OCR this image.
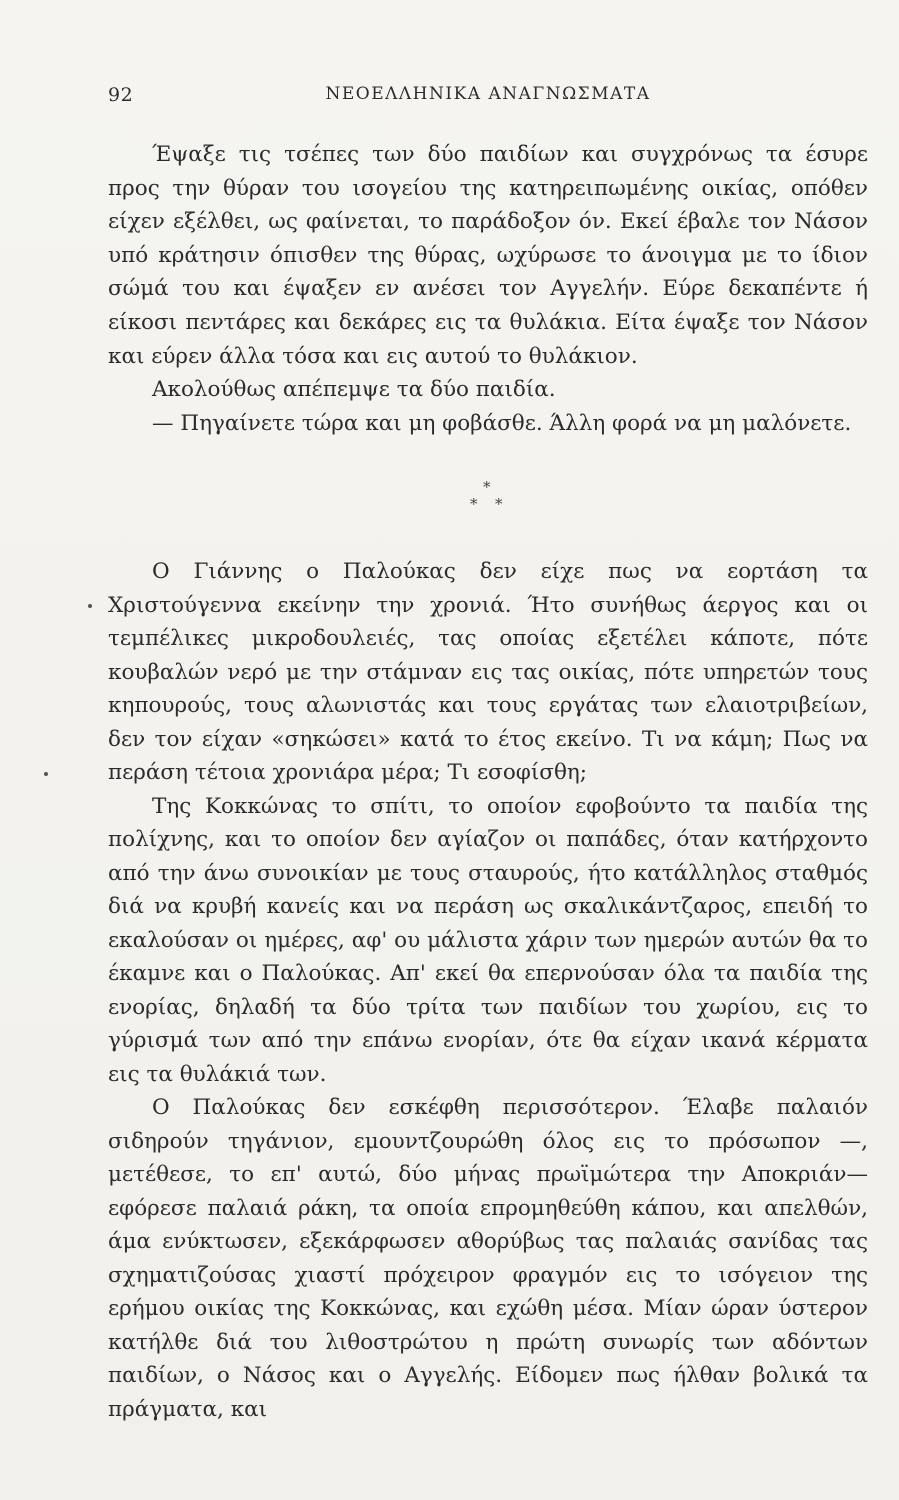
92	ΝΕΟΕΛΛΗΝΙΚΑ ΑΝΑΓΝΩΣΜΑΤΑ

Έψαξε τις τσέπες των δύο παιδίων και συγχρόνως τα έσυρε προς την θύραν του ισογείου της κατηρειπωμένης οικίας, οπόθεν είχεν εξέλθει, ως φαίνεται, το παράδοξον όν. Εκεί έβαλε τον Νάσον υπό κράτησιν όπισθεν της θύρας, ωχύρωσε το άνοιγμα με το ίδιον σώμά του και έψαξεν εν ανέσει τον Αγγελήν. Εύρε δεκαπέντε ή είκοσι πεντάρες και δεκάρες εις τα θυλάκια. Είτα έψαξε τον Νάσον και εύρεν άλλα τόσα και εις αυτού το θυλάκιον.

Ακολούθως απέπεμψε τα δύο παιδία.

— Πηγαίνετε τώρα και μη φοβάσθε. Άλλη φορά να μη μαλόνετε.

*
* *

Ο Γιάννης ο Παλούκας δεν είχε πως να εορτάση τα Χριστούγεννα εκείνην την χρονιά. Ήτο συνήθως άεργος και οι τεμπέλικες μικροδουλειές, τας οποίας εξετέλει κάποτε, πότε κουβαλών νερό με την στάμναν εις τας οικίας, πότε υπηρετών τους κηπουρούς, τους αλωνιστάς και τους εργάτας των ελαιοτριβείων, δεν τον είχαν «σηκώσει» κατά το έτος εκείνο. Τι να κάμη; Πως να περάση τέτοια χρονιάρα μέρα; Τι εσοφίσθη;

Της Κοκκώνας το σπίτι, το οποίον εφοβούντο τα παιδία της πολίχνης, και το οποίον δεν αγίαζον οι παπάδες, όταν κατήρχοντο από την άνω συνοικίαν με τους σταυρούς, ήτο κατάλληλος σταθμός διά να κρυβή κανείς και να περάση ως σκαλικάντζαρος, επειδή το εκαλούσαν οι ημέρες, αφ' ου μάλιστα χάριν των ημερών αυτών θα το έκαμνε και ο Παλούκας. Απ' εκεί θα επερνούσαν όλα τα παιδία της ενορίας, δηλαδή τα δύο τρίτα των παιδίων του χωρίου, εις το γύρισμά των από την επάνω ενορίαν, ότε θα είχαν ικανά κέρματα εις τα θυλάκιά των.

Ο Παλούκας δεν εσκέφθη περισσότερον. Έλαβε παλαιόν σιδηρούν τηγάνιον, εμουντζουρώθη όλος εις το πρόσωπον —, μετέθεσε, το επ' αυτώ, δύο μήνας πρωϊμώτερα την Αποκριάν— εφόρεσε παλαιά ράκη, τα οποία επρομηθεύθη κάπου, και απελθών, άμα ενύκτωσεν, εξεκάρφωσεν αθορύβως τας παλαιάς σανίδας τας σχηματιζούσας χιαστί πρόχειρον φραγμόν εις το ισόγειον της ερήμου οικίας της Κοκκώνας, και εχώθη μέσα. Μίαν ώραν ύστερον κατήλθε διά του λιθοστρώτου η πρώτη συνωρίς των αδόντων παιδίων, ο Νάσος και ο Αγγελής. Είδομεν πως ήλθαν βολικά τα πράγματα, και
